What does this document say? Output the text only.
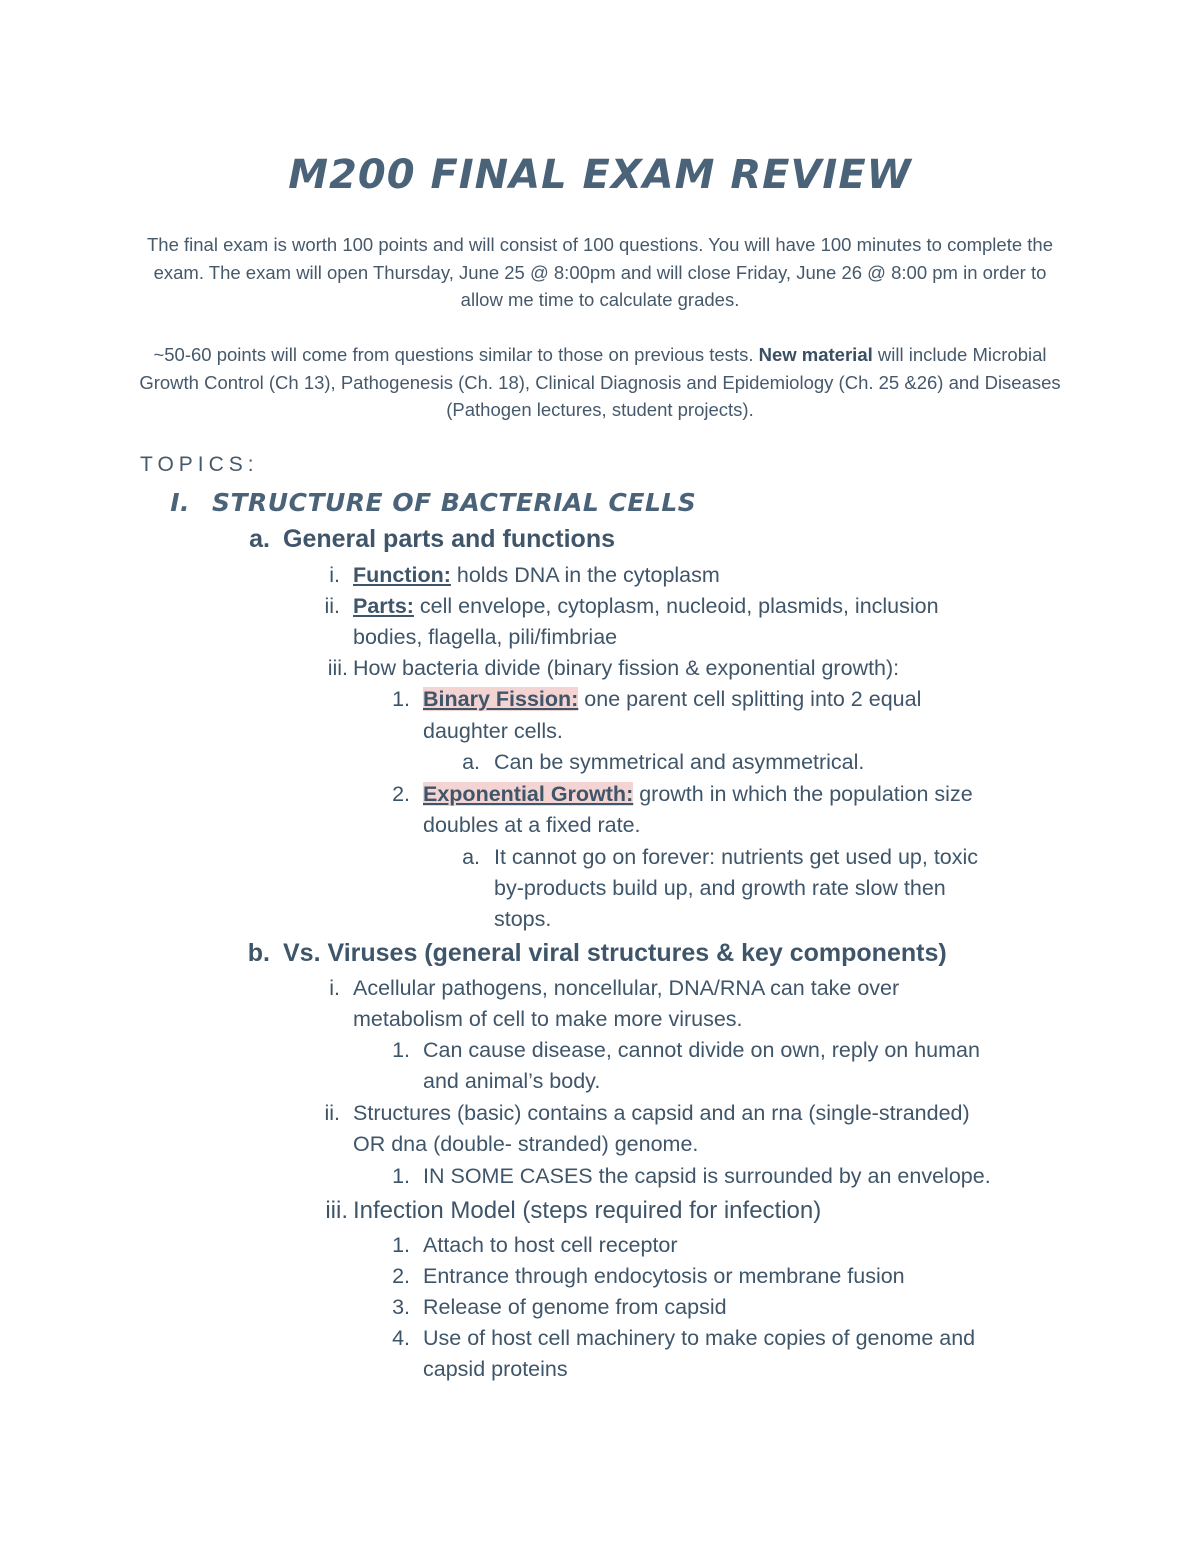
M200 FINAL EXAM REVIEW
The final exam is worth 100 points and will consist of 100 questions. You will have 100 minutes to complete the exam. The exam will open Thursday, June 25 @ 8:00pm and will close Friday, June 26 @ 8:00 pm in order to allow me time to calculate grades.
~50-60 points will come from questions similar to those on previous tests. New material will include Microbial Growth Control (Ch 13), Pathogenesis (Ch. 18), Clinical Diagnosis and Epidemiology (Ch. 25 &26) and Diseases (Pathogen lectures, student projects).
TOPICS:
I. STRUCTURE OF BACTERIAL CELLS
a. General parts and functions
i. Function: holds DNA in the cytoplasm
ii. Parts: cell envelope, cytoplasm, nucleoid, plasmids, inclusion
bodies, flagella, pili/fimbriae
iii. How bacteria divide (binary fission & exponential growth):
1. Binary Fission: one parent cell splitting into 2 equal
daughter cells.
a. Can be symmetrical and asymmetrical.
2. Exponential Growth: growth in which the population size
doubles at a fixed rate.
a. It cannot go on forever: nutrients get used up, toxic
by-products build up, and growth rate slow then
stops.
b. Vs. Viruses (general viral structures & key components)
i. Acellular pathogens, noncellular, DNA/RNA can take over
metabolism of cell to make more viruses.
1. Can cause disease, cannot divide on own, reply on human
and animal’s body.
ii. Structures (basic) contains a capsid and an rna (single-stranded)
OR dna (double- stranded) genome.
1. IN SOME CASES the capsid is surrounded by an envelope.
iii. Infection Model (steps required for infection)
1. Attach to host cell receptor
2. Entrance through endocytosis or membrane fusion
3. Release of genome from capsid
4. Use of host cell machinery to make copies of genome and
capsid proteins
